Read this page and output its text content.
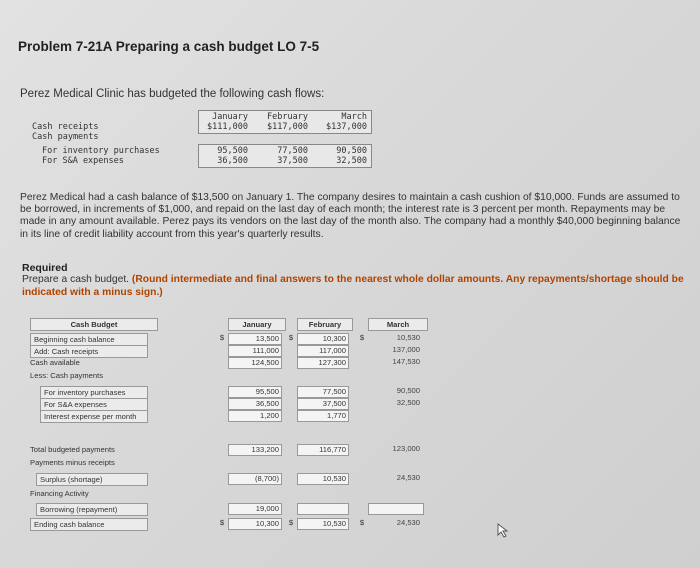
Problem 7-21A Preparing a cash budget LO 7-5
Perez Medical Clinic has budgeted the following cash flows:
January	February	March
Cash receipts	$111,000	$117,000	$137,000
Cash payments
For inventory purchases	95,500	77,500	90,500
For S&A expenses	36,500	37,500	32,500
Perez Medical had a cash balance of $13,500 on January 1. The company desires to maintain a cash cushion of $10,000. Funds are assumed to be borrowed, in increments of $1,000, and repaid on the last day of each month; the interest rate is 3 percent per month. Repayments may be made in any amount available. Perez pays its vendors on the last day of the month also. The company had a monthly $40,000 beginning balance in its line of credit liability account from this year's quarterly results.
Required
Prepare a cash budget. (Round intermediate and final answers to the nearest whole dollar amounts. Any repayments/shortage should be indicated with a minus sign.)
Cash Budget	January	February	March
Beginning cash balance	13,500	10,300	10,530
$	$	$
Add: Cash receipts	111,000	117,000	137,000
Cash available	124,500	127,300	147,530
Less: Cash payments
For inventory purchases	95,500	77,500	90,500
For S&A expenses	36,500	37,500	32,500
Interest expense per month	1,200	1,770
Total budgeted payments	133,200	116,770	123,000
Payments minus receipts
Surplus (shortage)	(8,700)	10,530	24,530
Financing Activity
Borrowing (repayment)	19,000
Ending cash balance	10,300	10,530	24,530
$	$	$
